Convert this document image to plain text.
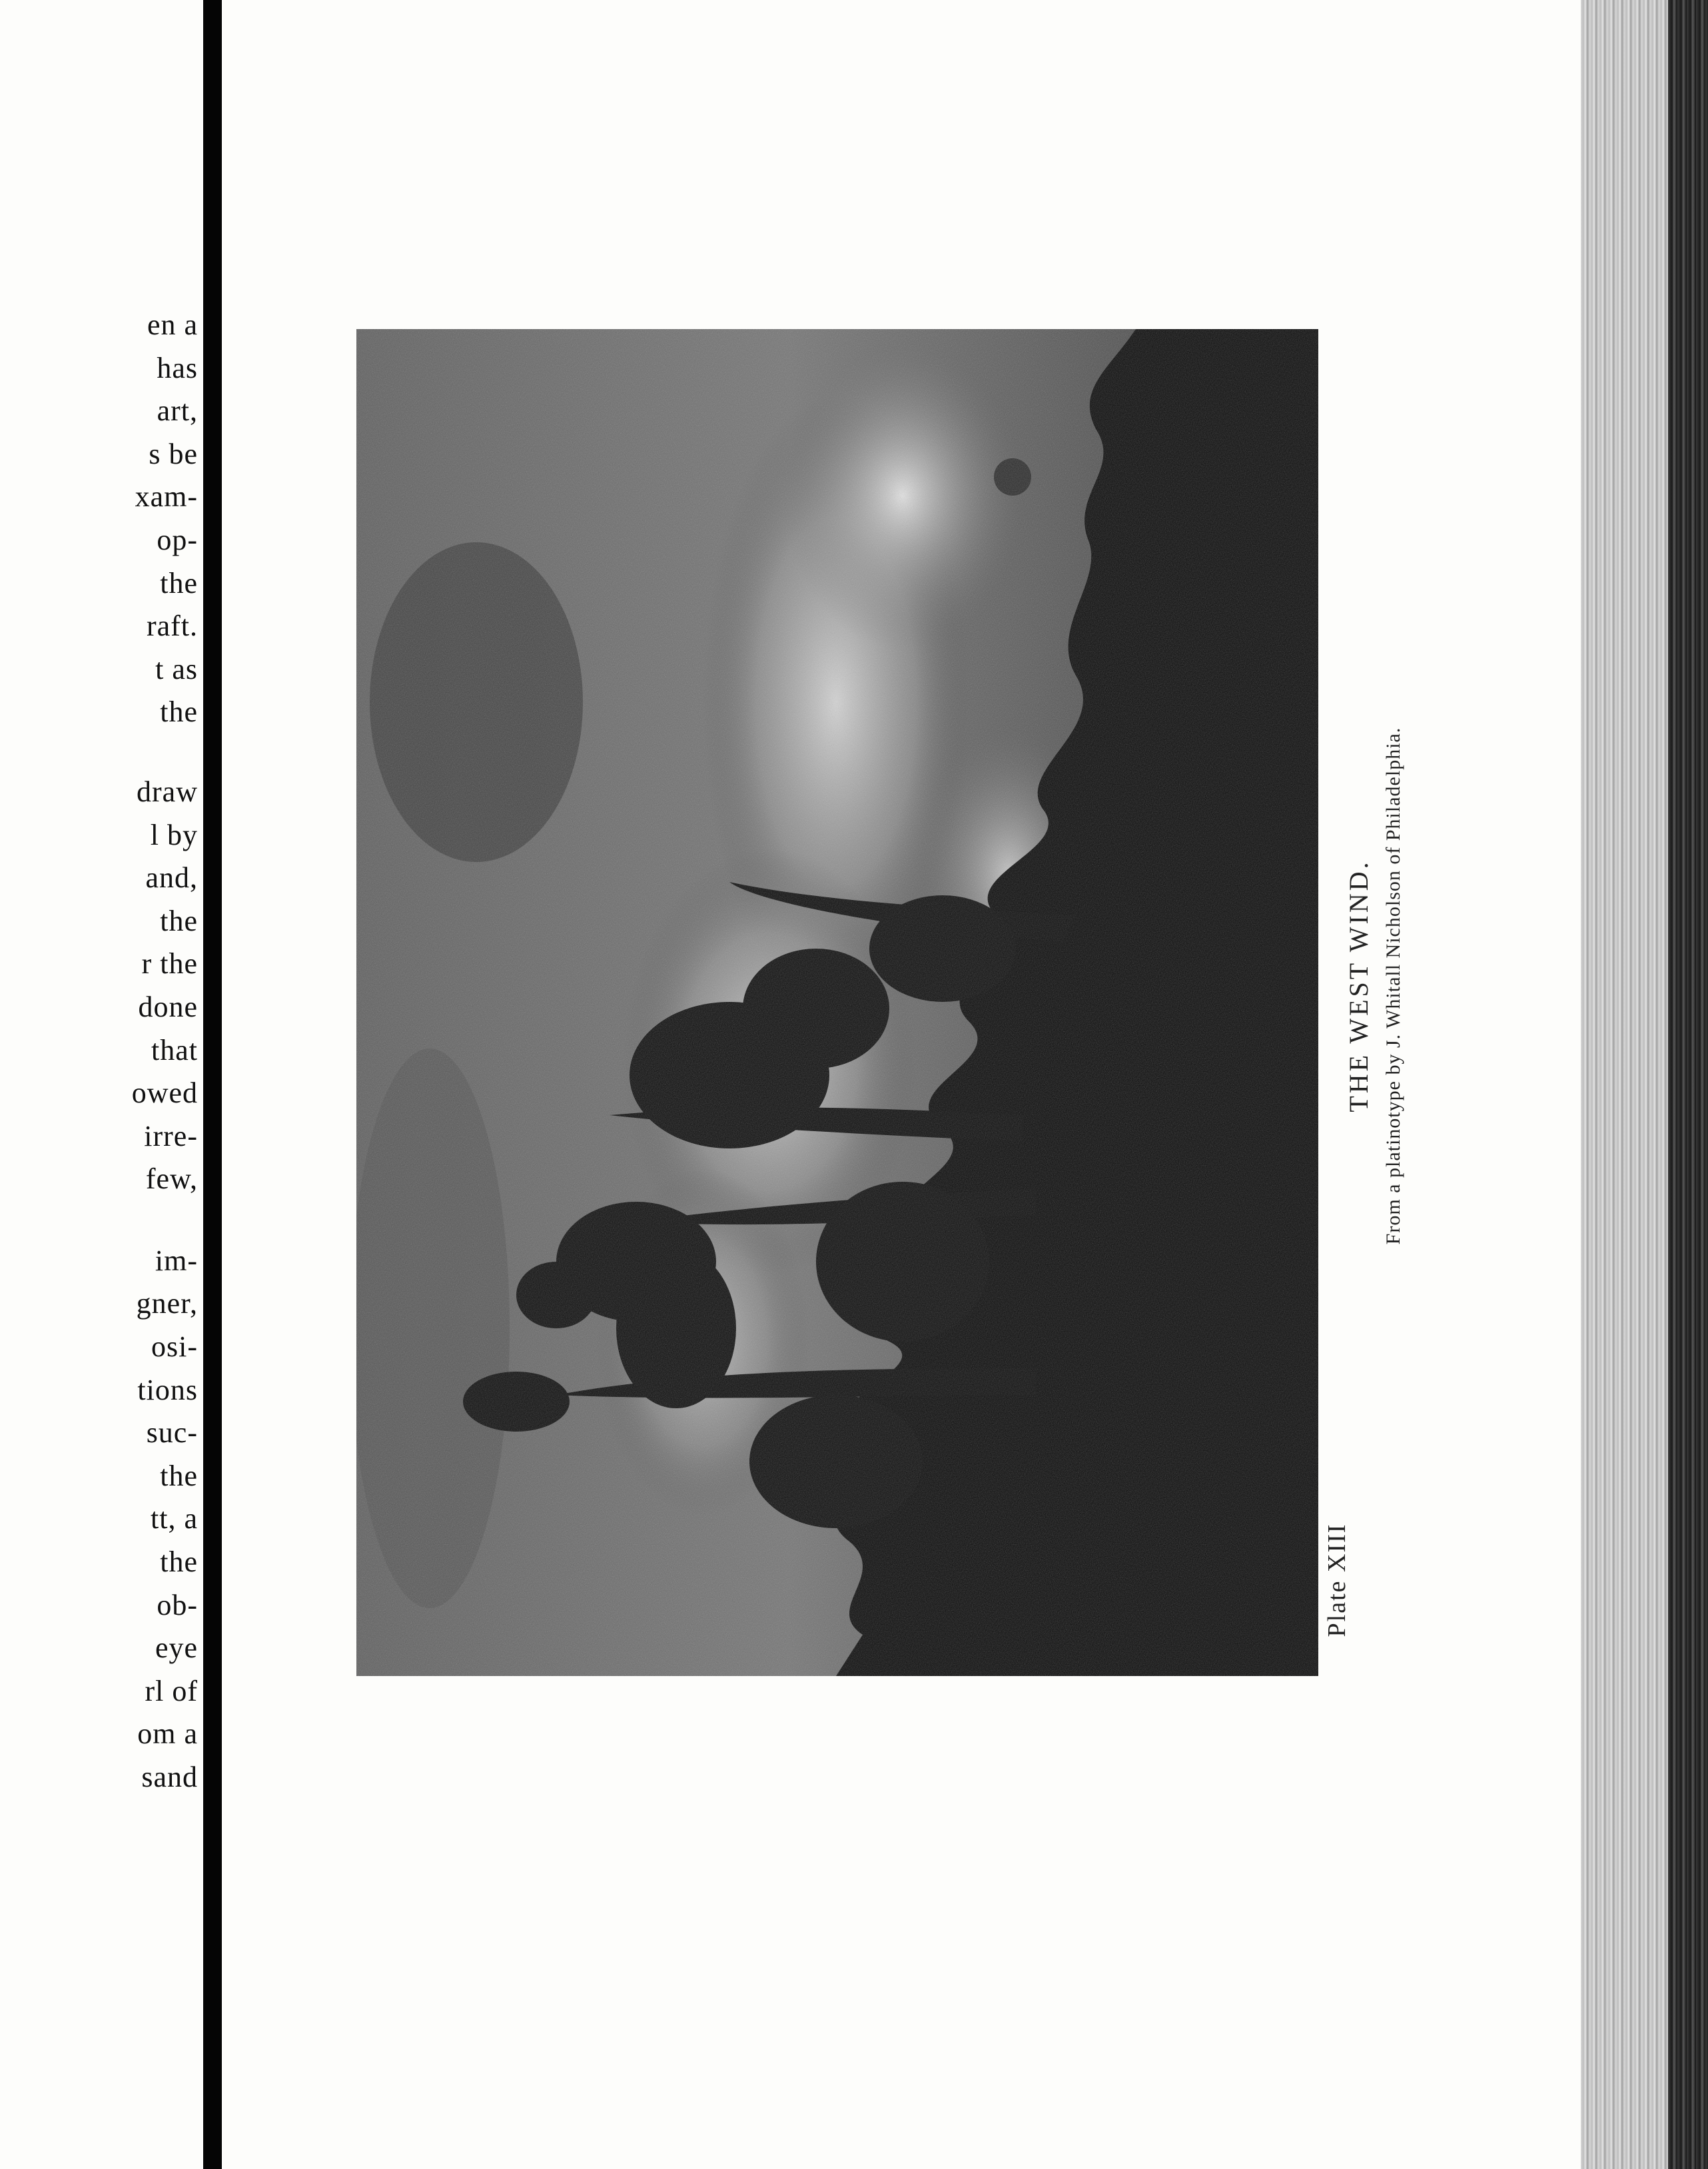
en a
has
art,
s be
xam-
op-
the
raft.
t as
the
draw
l by
and,
the
r the
done
that
owed
irre-
few,
im-
gner,
osi-
tions
suc-
the
tt, a
the
ob-
eye
rl of
om a
sand
THE WEST WIND. From a platinotype by J. Whitall Nicholson of Philadelphia.
Plate XIII
